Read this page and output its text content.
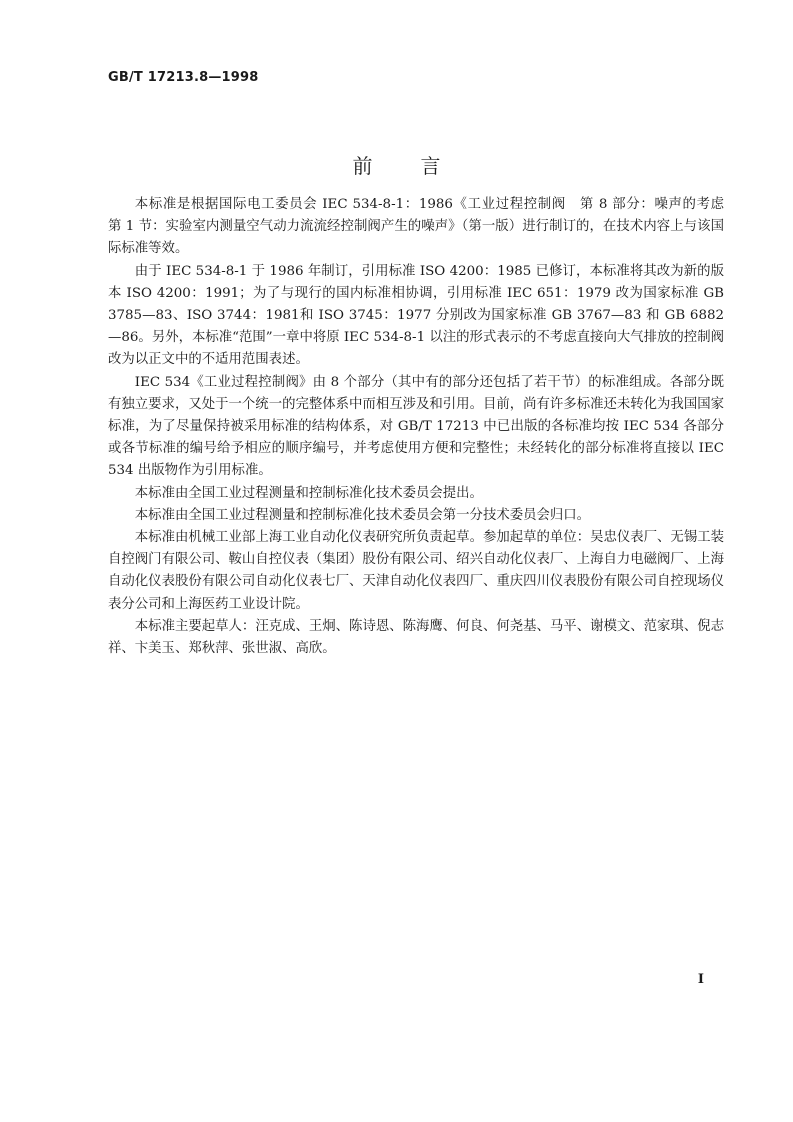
GB/T 17213.8—1998
前言

本标准是根据国际电工委员会 IEC 534-8-1：1986《工业过程控制阀　第 8 部分：噪声的考虑　第 1 节：实验室内测量空气动力流流经控制阀产生的噪声》（第一版）进行制订的，在技术内容上与该国际标准等效。

由于 IEC 534-8-1 于 1986 年制订，引用标准 ISO 4200：1985 已修订，本标准将其改为新的版本 ISO 4200：1991；为了与现行的国内标准相协调，引用标准 IEC 651：1979 改为国家标准 GB 3785—83、ISO 3744：1981和 ISO 3745：1977 分别改为国家标准 GB 3767—83 和 GB 6882—86。另外，本标准“范围”一章中将原 IEC 534-8-1 以注的形式表示的不考虑直接向大气排放的控制阀改为以正文中的不适用范围表述。

IEC 534《工业过程控制阀》由 8 个部分（其中有的部分还包括了若干节）的标准组成。各部分既有独立要求，又处于一个统一的完整体系中而相互涉及和引用。目前，尚有许多标准还未转化为我国国家标准，为了尽量保持被采用标准的结构体系，对 GB/T 17213 中已出版的各标准均按 IEC 534 各部分或各节标准的编号给予相应的顺序编号，并考虑使用方便和完整性；未经转化的部分标准将直接以 IEC 534 出版物作为引用标准。

本标准由全国工业过程测量和控制标准化技术委员会提出。

本标准由全国工业过程测量和控制标准化技术委员会第一分技术委员会归口。

本标准由机械工业部上海工业自动化仪表研究所负责起草。参加起草的单位：吴忠仪表厂、无锡工装自控阀门有限公司、鞍山自控仪表（集团）股份有限公司、绍兴自动化仪表厂、上海自力电磁阀厂、上海自动化仪表股份有限公司自动化仪表七厂、天津自动化仪表四厂、重庆四川仪表股份有限公司自控现场仪表分公司和上海医药工业设计院。

本标准主要起草人：汪克成、王炯、陈诗恩、陈海鹰、何良、何尧基、马平、谢模文、范家琪、倪志祥、卞美玉、郑秋萍、张世淑、高欣。

I
